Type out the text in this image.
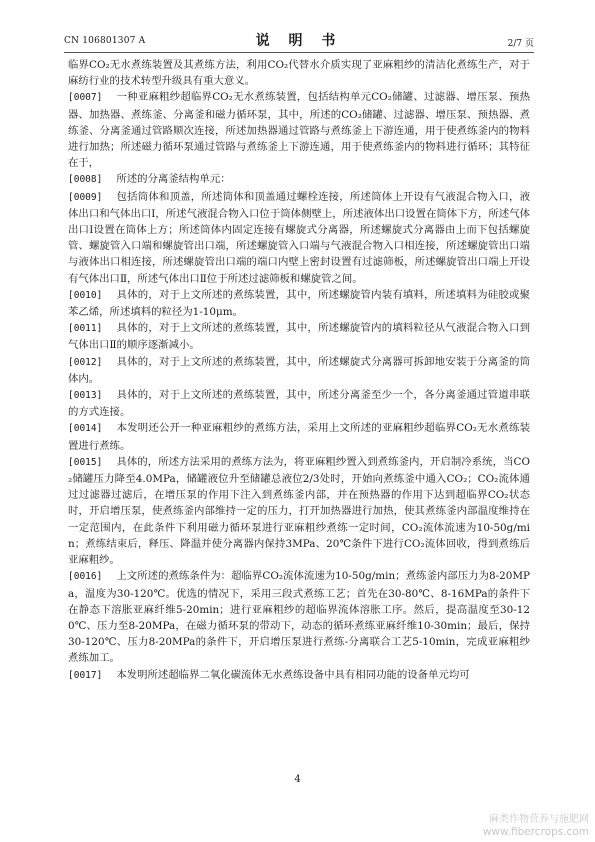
CN 106801307 A	说 明 书	2/7 页

临界CO₂无水煮练装置及其煮练方法，利用CO₂代替水介质实现了亚麻粗纱的清洁化煮练生产，对于麻纺行业的技术转型升级具有重大意义。

[0007] 一种亚麻粗纱超临界CO₂无水煮练装置，包括结构单元CO₂储罐、过滤器、增压泵、预热器、加热器、煮练釜、分离釜和磁力循环泵，其中，所述的CO₂储罐、过滤器、增压泵、预热器、煮练釜、分离釜通过管路顺次连接，所述加热器通过管路与煮练釜上下游连通，用于使煮练釜内的物料进行加热；所述磁力循环泵通过管路与煮练釜上下游连通，用于使煮练釜内的物料进行循环；其特征在于，

[0008] 所述的分离釜结构单元：

[0009] 包括筒体和顶盖，所述筒体和顶盖通过螺栓连接，所述筒体上开设有气液混合物入口，液体出口和气体出口Ⅰ，所述气液混合物入口位于筒体侧壁上，所述液体出口设置在筒体下方，所述气体出口Ⅰ设置在筒体上方；所述筒体内固定连接有螺旋式分离器，所述螺旋式分离器由上而下包括螺旋管、螺旋管入口端和螺旋管出口端，所述螺旋管入口端与气液混合物入口相连接，所述螺旋管出口端与液体出口相连接，所述螺旋管出口端的端口内壁上密封设置有过滤筛板，所述螺旋管出口端上开设有气体出口Ⅱ，所述气体出口Ⅱ位于所述过滤筛板和螺旋管之间。

[0010] 具体的，对于上文所述的煮练装置，其中，所述螺旋管内装有填料，所述填料为硅胶或聚苯乙烯，所述填料的粒径为1-10μm。

[0011] 具体的，对于上文所述的煮练装置，其中，所述螺旋管内的填料粒径从气液混合物入口到气体出口Ⅱ的顺序逐渐减小。

[0012] 具体的，对于上文所述的煮练装置，其中，所述螺旋式分离器可拆卸地安装于分离釜的筒体内。

[0013] 具体的，对于上文所述的煮练装置，其中，所述分离釜至少一个，各分离釜通过管道串联的方式连接。

[0014] 本发明还公开一种亚麻粗纱的煮练方法，采用上文所述的亚麻粗纱超临界CO₂无水煮练装置进行煮练。

[0015] 具体的，所述方法采用的煮练方法为，将亚麻粗纱置入到煮练釜内，开启制冷系统，当CO₂储罐压力降至4.0MPa，储罐液位升至储罐总液位2/3处时，开始向煮练釜中通入CO₂；CO₂流体通过过滤器过滤后，在增压泵的作用下注入到煮练釜内部，并在预热器的作用下达到超临界CO₂状态时，开启增压泵，使煮练釜内部维持一定的压力，打开加热器进行加热，使其煮练釜内部温度维持在一定范围内，在此条件下利用磁力循环泵进行亚麻粗纱煮练一定时间，CO₂流体流速为10-50g/min；煮练结束后，释压、降温并使分离器内保持3MPa、20℃条件下进行CO₂流体回收，得到煮练后亚麻粗纱。

[0016] 上文所述的煮练条件为：超临界CO₂流体流速为10-50g/min；煮练釜内部压力为8-20MPa，温度为30-120℃。优选的情况下，采用三段式煮练工艺；首先在30-80℃、8-16MPa的条件下在静态下溶胀亚麻纤维5-20min；进行亚麻粗纱的超临界流体溶胀工序。然后，提高温度至30-120℃、压力至8-20MPa，在磁力循环泵的带动下，动态的循环煮练亚麻纤维10-30min；最后，保持30-120℃、压力8-20MPa的条件下，开启增压泵进行煮练-分离联合工艺5-10min，完成亚麻粗纱煮练加工。

[0017] 本发明所述超临界二氧化碳流体无水煮练设备中具有相同功能的设备单元均可

4
麻类作物营养与施肥网
www.fibercrops.com
